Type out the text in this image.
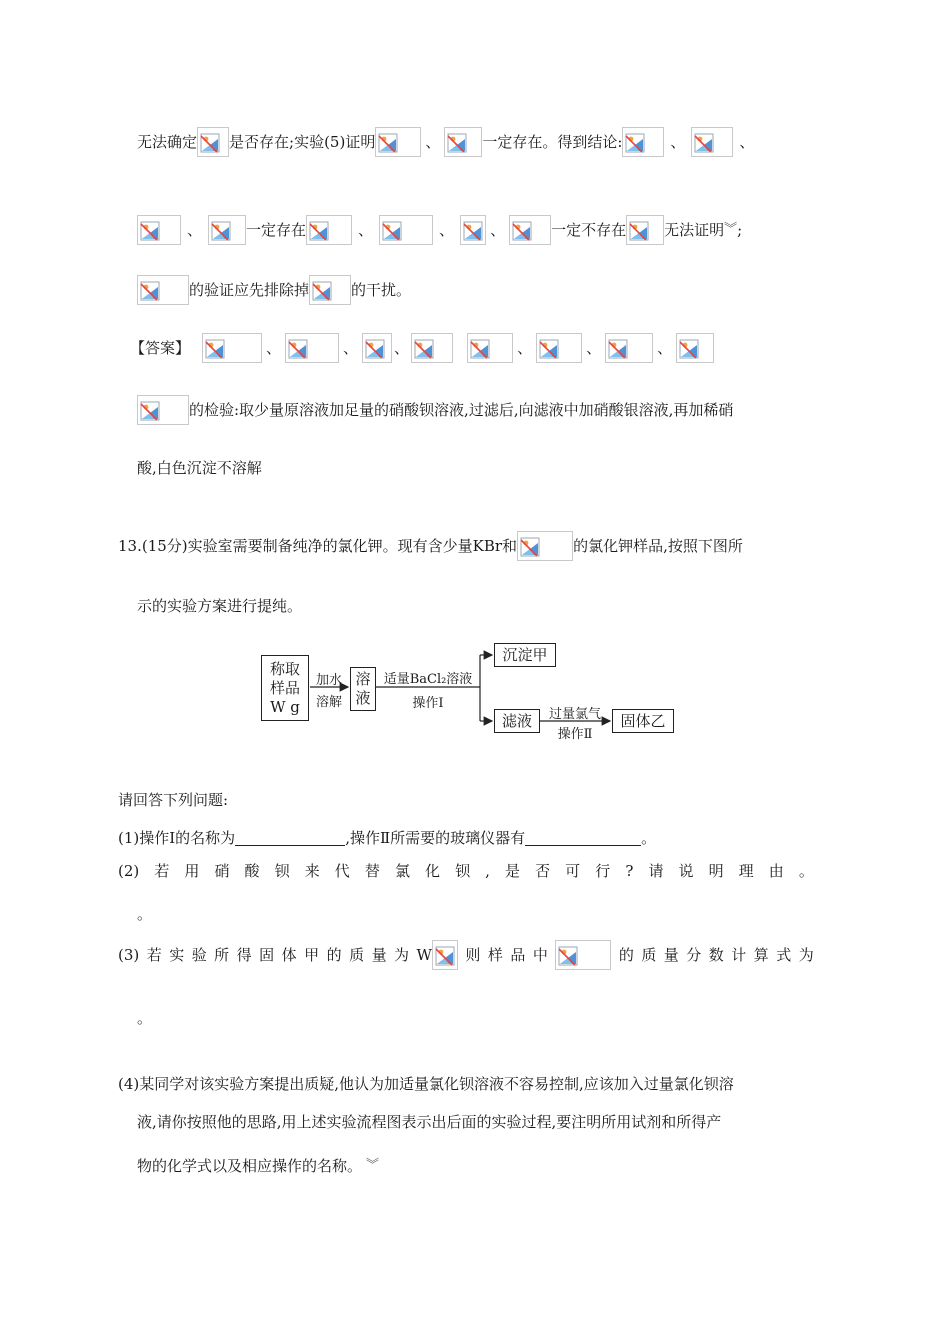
无法确定 是否存在;实验(5)证明	、	一定存在。得到结论:	、	、
、	一定存在	、	、 、	一定不存在	无法证明︾;
的验证应先排除掉	的干扰。
【答案】	、	、 、	、	、	、
的检验:取少量原溶液加足量的硝酸钡溶液,过滤后,向滤液中加硝酸银溶液,再加稀硝
酸,白色沉淀不溶解
13.(15分)实验室需要制备纯净的氯化钾。现有含少量KBr和	的氯化钾样品,按照下图所
示的实验方案进行提纯。
称取
样品
W g
加水
溶解
溶
液
适量BaCl₂溶液
操作Ⅰ
沉淀甲
滤液	过量氯气
操作Ⅱ
固体乙
请回答下列问题:
(1)操作Ⅰ的名称为	,操作Ⅱ所需要的玻璃仪器有	。
(2) 若 用 硝 酸 钡 来 代 替 氯 化 钡 , 是 否 可 行 ? 请 说 明 理 由 。
。
(3) 若 实 验 所 得 固 体 甲 的 质 量 为 W 则 样 品 中	的 质 量 分 数 计 算 式 为
。
(4)某同学对该实验方案提出质疑,他认为加适量氯化钡溶液不容易控制,应该加入过量氯化钡溶
液,请你按照他的思路,用上述实验流程图表示出后面的实验过程,要注明所用试剂和所得产
物的化学式以及相应操作的名称。 ︾
